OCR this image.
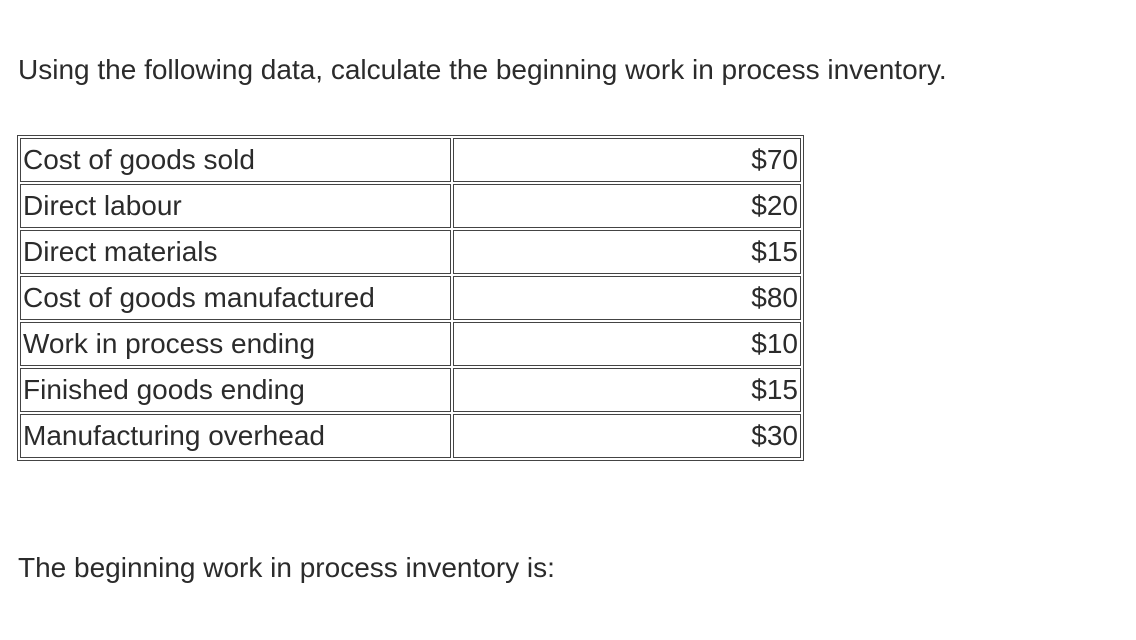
Using the following data, calculate the beginning work in process inventory.
Cost of goods sold	$70
Direct labour	$20
Direct materials	$15
Cost of goods manufactured	$80
Work in process ending	$10
Finished goods ending	$15
Manufacturing overhead	$30
The beginning work in process inventory is:
